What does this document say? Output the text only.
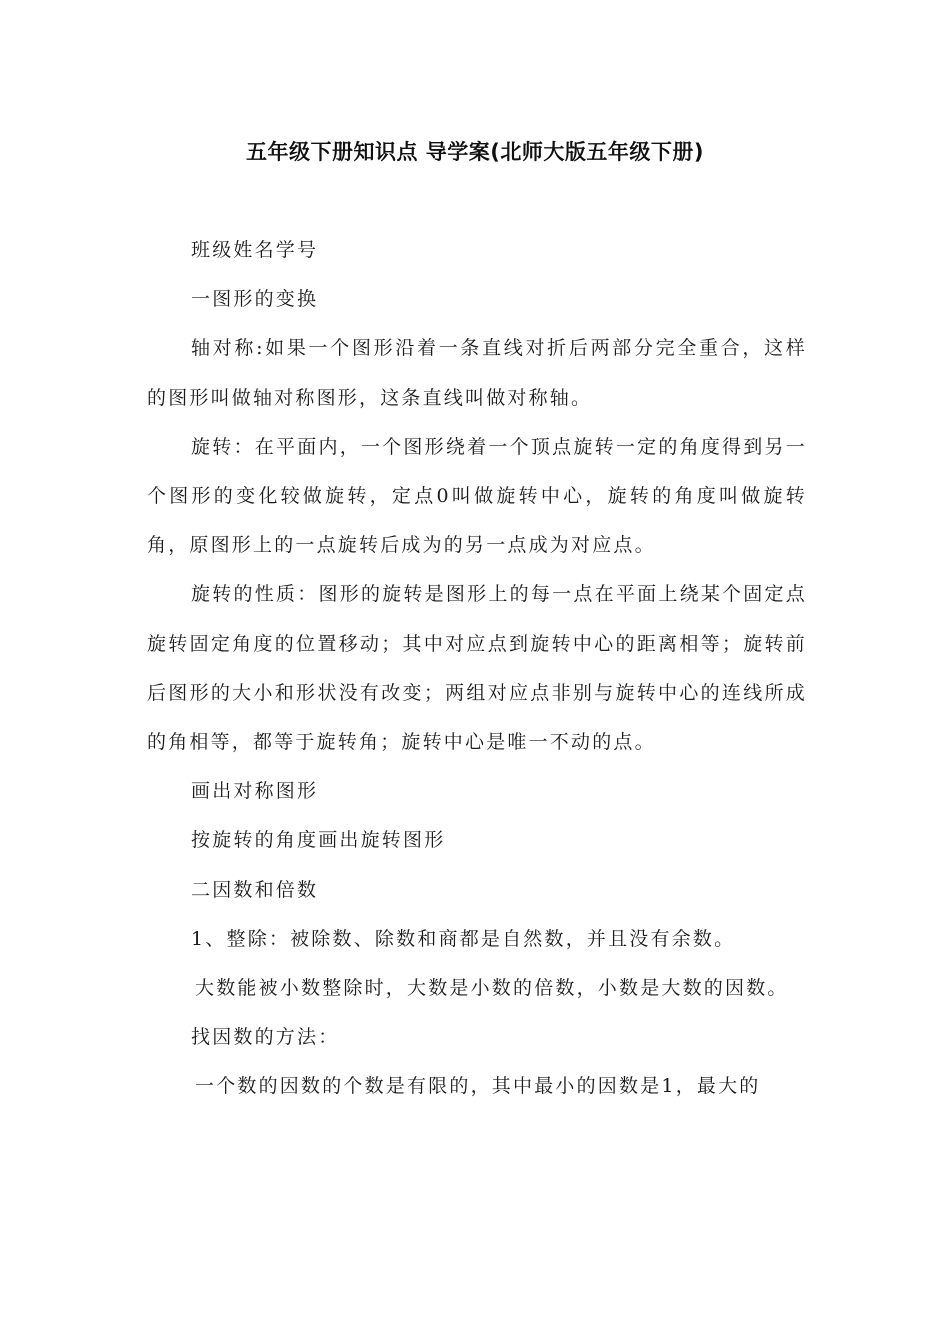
五年级下册知识点 导学案(北师大版五年级下册)

班级姓名学号

一图形的变换

轴对称:如果一个图形沿着一条直线对折后两部分完全重合，这样的图形叫做轴对称图形，这条直线叫做对称轴。

旋转：在平面内，一个图形绕着一个顶点旋转一定的角度得到另一个图形的变化较做旋转，定点0叫做旋转中心，旋转的角度叫做旋转角，原图形上的一点旋转后成为的另一点成为对应点。

旋转的性质：图形的旋转是图形上的每一点在平面上绕某个固定点旋转固定角度的位置移动；其中对应点到旋转中心的距离相等；旋转前后图形的大小和形状没有改变；两组对应点非别与旋转中心的连线所成的角相等，都等于旋转角；旋转中心是唯一不动的点。

画出对称图形

按旋转的角度画出旋转图形

二因数和倍数

1、整除：被除数、除数和商都是自然数，并且没有余数。

大数能被小数整除时，大数是小数的倍数，小数是大数的因数。

找因数的方法：

一个数的因数的个数是有限的，其中最小的因数是1，最大的
